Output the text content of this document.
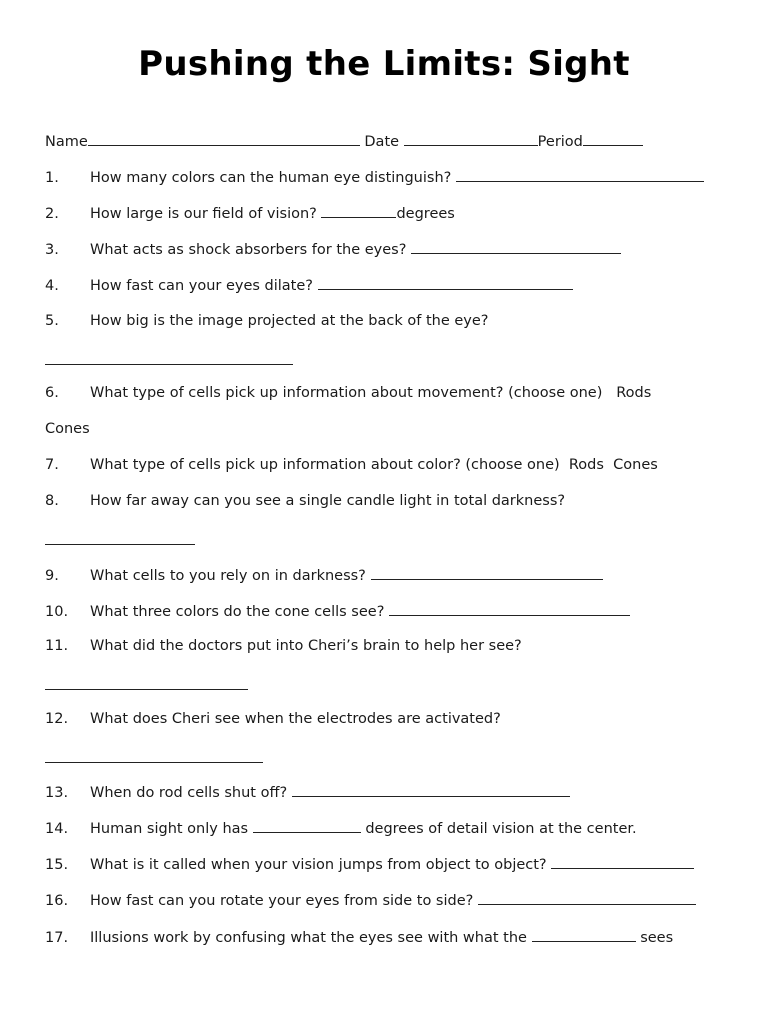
Pushing the Limits: Sight
Name	Date	Period
1. How many colors can the human eye distinguish?
2. How large is our field of vision?	degrees
3. What acts as shock absorbers for the eyes?
4. How fast can your eyes dilate?
5. How big is the image projected at the back of the eye?
6. What type of cells pick up information about movement? (choose one)   Rods
Cones
7. What type of cells pick up information about color? (choose one)  Rods  Cones
8. How far away can you see a single candle light in total darkness?
9. What cells to you rely on in darkness?
10. What three colors do the cone cells see?
11. What did the doctors put into Cheri’s brain to help her see?
12. What does Cheri see when the electrodes are activated?
13. When do rod cells shut off?
14. Human sight only has	degrees of detail vision at the center.
15. What is it called when your vision jumps from object to object?
16. How fast can you rotate your eyes from side to side?
17. Illusions work by confusing what the eyes see with what the	sees
